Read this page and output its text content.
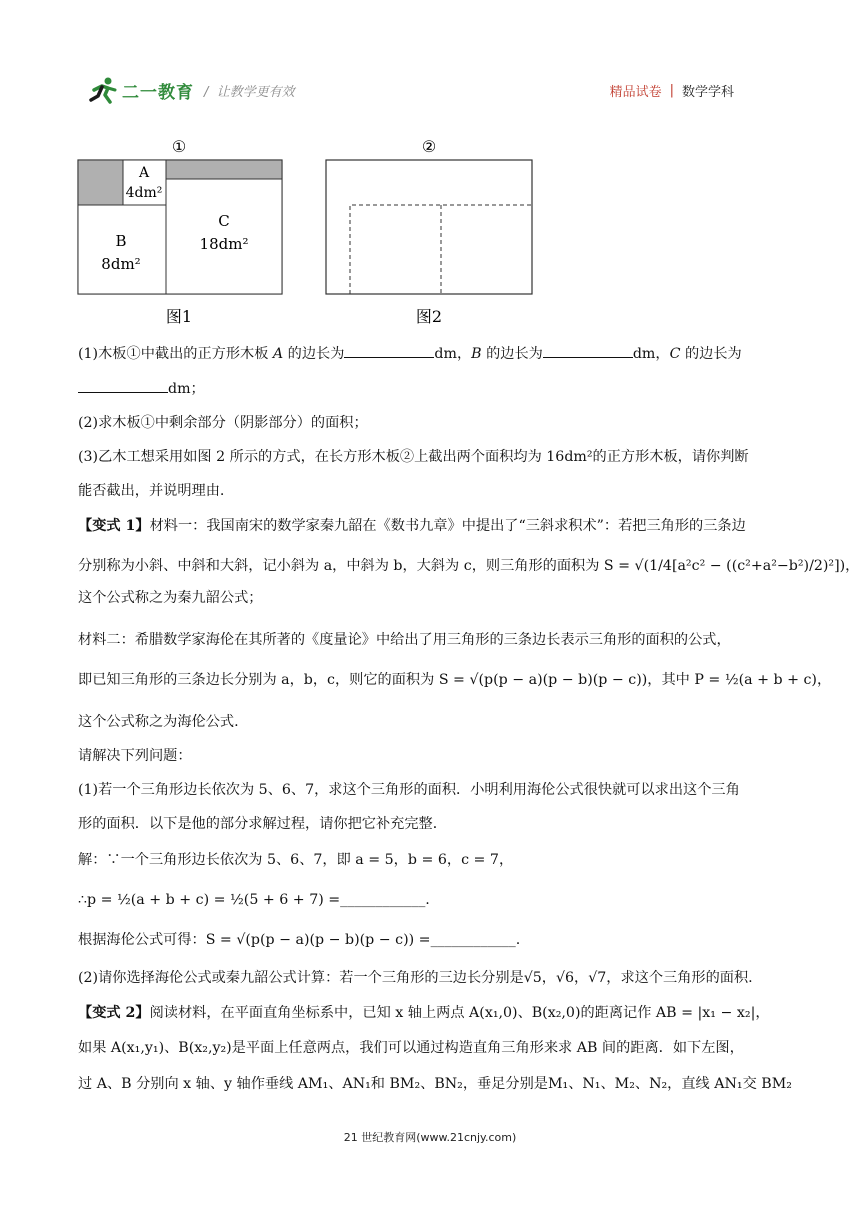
二一教育 /  让教学更有效	精品试卷 | 数学学科
①
A
4dm²
B
8dm²
C
18dm²
图1
②
图2
(1)木板①中截出的正方形木板 A 的边长为	dm，B 的边长为	dm，C 的边长为
dm；
(2)求木板①中剩余部分（阴影部分）的面积；
(3)乙木工想采用如图 2 所示的方式，在长方形木板②上截出两个面积均为 16dm²的正方形木板，请你判断
能否截出，并说明理由.
【变式 1】材料一：我国南宋的数学家秦九韶在《数书九章》中提出了“三斜求积术”：若把三角形的三条边
分别称为小斜、中斜和大斜，记小斜为 a，中斜为 b，大斜为 c，则三角形的面积为 S = √(1/4[a²c² − ((c²+a²−b²)/2)²])，
这个公式称之为秦九韶公式；
材料二：希腊数学家海伦在其所著的《度量论》中给出了用三角形的三条边长表示三角形的面积的公式，
即已知三角形的三条边长分别为 a，b，c，则它的面积为 S = √(p(p − a)(p − b)(p − c))，其中 P = ½(a + b + c)，
这个公式称之为海伦公式.
请解决下列问题：
(1)若一个三角形边长依次为 5、6、7，求这个三角形的面积．小明利用海伦公式很快就可以求出这个三角
形的面积．以下是他的部分求解过程，请你把它补充完整．
解：∵一个三角形边长依次为 5、6、7，即 a = 5，b = 6，c = 7，
∴p = ½(a + b + c) = ½(5 + 6 + 7) =____________.
根据海伦公式可得：S = √(p(p − a)(p − b)(p − c)) =____________.
(2)请你选择海伦公式或秦九韶公式计算：若一个三角形的三边长分别是√5，√6，√7，求这个三角形的面积.
【变式 2】阅读材料，在平面直角坐标系中，已知 x 轴上两点 A(x₁,0)、B(x₂,0)的距离记作 AB = |x₁ − x₂|，
如果 A(x₁,y₁)、B(x₂,y₂)是平面上任意两点，我们可以通过构造直角三角形来求 AB 间的距离．如下左图，
过 A、B 分别向 x 轴、y 轴作垂线 AM₁、AN₁和 BM₂、BN₂，垂足分别是M₁、N₁、M₂、N₂，直线 AN₁交 BM₂
21 世纪教育网(www.21cnjy.com)
